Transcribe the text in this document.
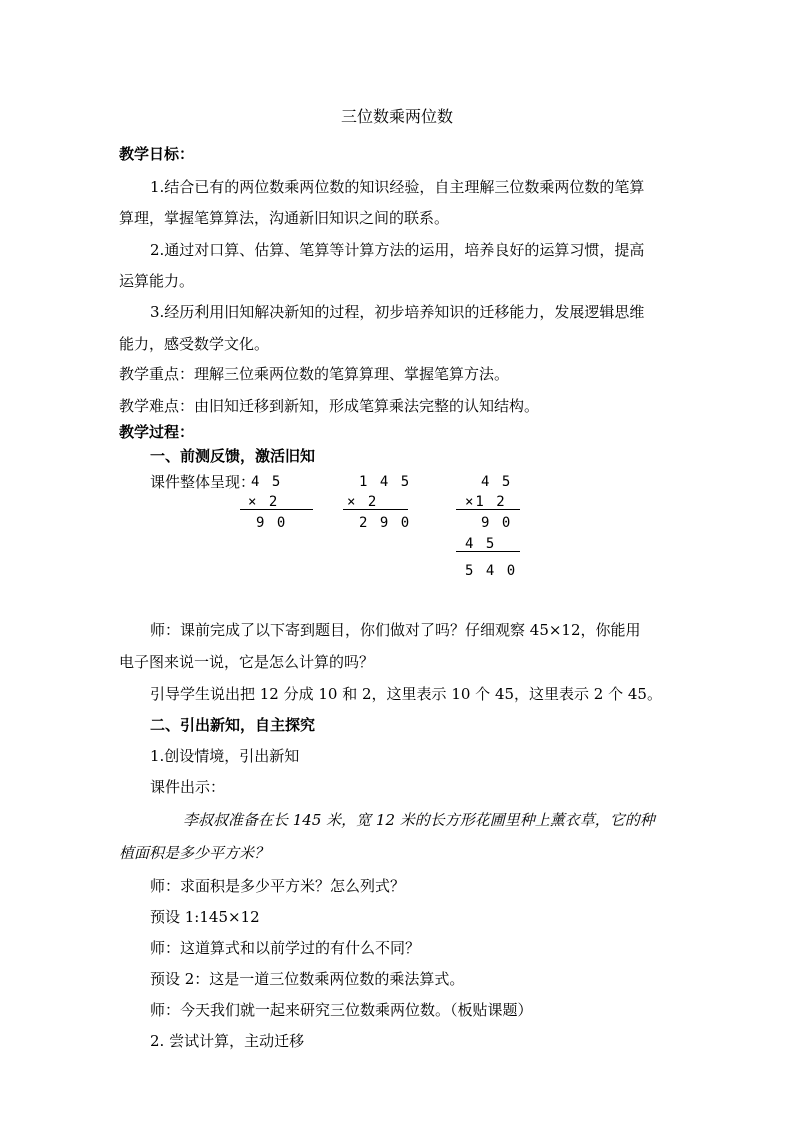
三位数乘两位数
教学日标：
1.结合已有的两位数乘两位数的知识经验，自主理解三位数乘两位数的笔算
算理，掌握笔算算法，沟通新旧知识之间的联系。
2.通过对口算、估算、笔算等计算方法的运用，培养良好的运算习惯，提高
运算能力。
3.经历利用旧知解决新知的过程，初步培养知识的迁移能力，发展逻辑思维
能力，感受数学文化。
教学重点：理解三位乘两位数的笔算算理、掌握笔算方法。
教学难点：由旧知迁移到新知，形成笔算乘法完整的认知结构。
教学过程：
一、前测反馈，激活旧知
课件整体呈现：
4 5
× 2
9 0
1 4 5
× 2
2 9 0
4 5
×1 2
9 0
4 5
5 4 0
师：课前完成了以下寄到题目，你们做对了吗？仔细观察 45×12，你能用
电子图来说一说，它是怎么计算的吗？
引导学生说出把 12 分成 10 和 2，这里表示 10 个 45，这里表示 2 个 45。
二、引出新知，自主探究
1.创设情境，引出新知
课件出示：
李叔叔准备在长 145 米，宽 12 米的长方形花圃里种上薰衣草，它的种
植面积是多少平方米？
师：求面积是多少平方米？怎么列式？
预设 1:145×12
师：这道算式和以前学过的有什么不同？
预设 2：这是一道三位数乘两位数的乘法算式。
师：今天我们就一起来研究三位数乘两位数。（板贴课题）
2. 尝试计算，主动迁移
